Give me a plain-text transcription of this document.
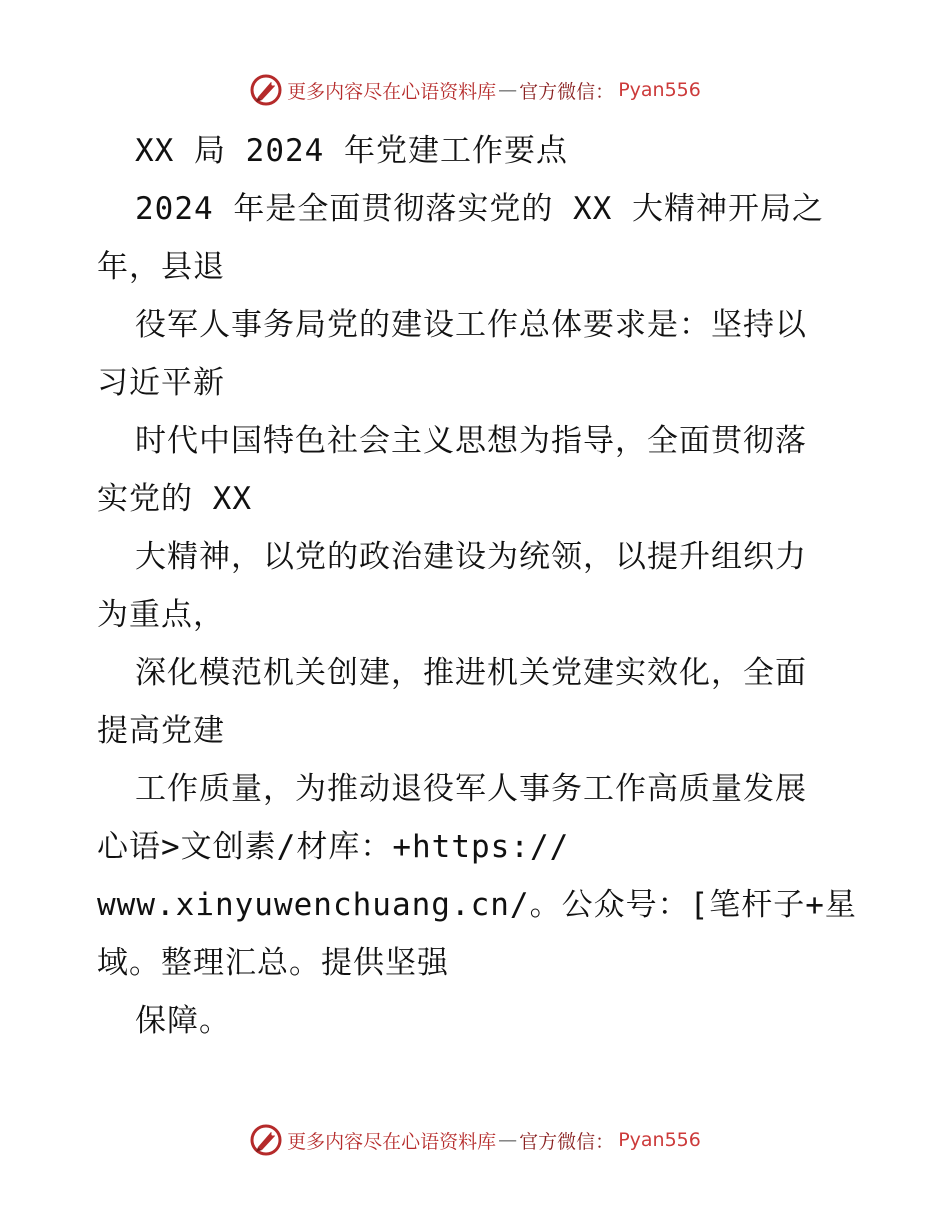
更多内容尽在心语资料库 — 官方微信： Pyan556
XX 局 2024 年党建工作要点
2024 年是全面贯彻落实党的 XX 大精神开局之
年，县退
役军人事务局党的建设工作总体要求是：坚持以
习近平新
时代中国特色社会主义思想为指导，全面贯彻落
实党的 XX
大精神，以党的政治建设为统领，以提升组织力
为重点，
深化模范机关创建，推进机关党建实效化，全面
提高党建
工作质量，为推动退役军人事务工作高质量发展
心语>文创素/材库：+https://
www.xinyuwenchuang.cn/。公众号：[笔杆子+星
域。整理汇总。提供坚强
保障。
更多内容尽在心语资料库 — 官方微信： Pyan556
